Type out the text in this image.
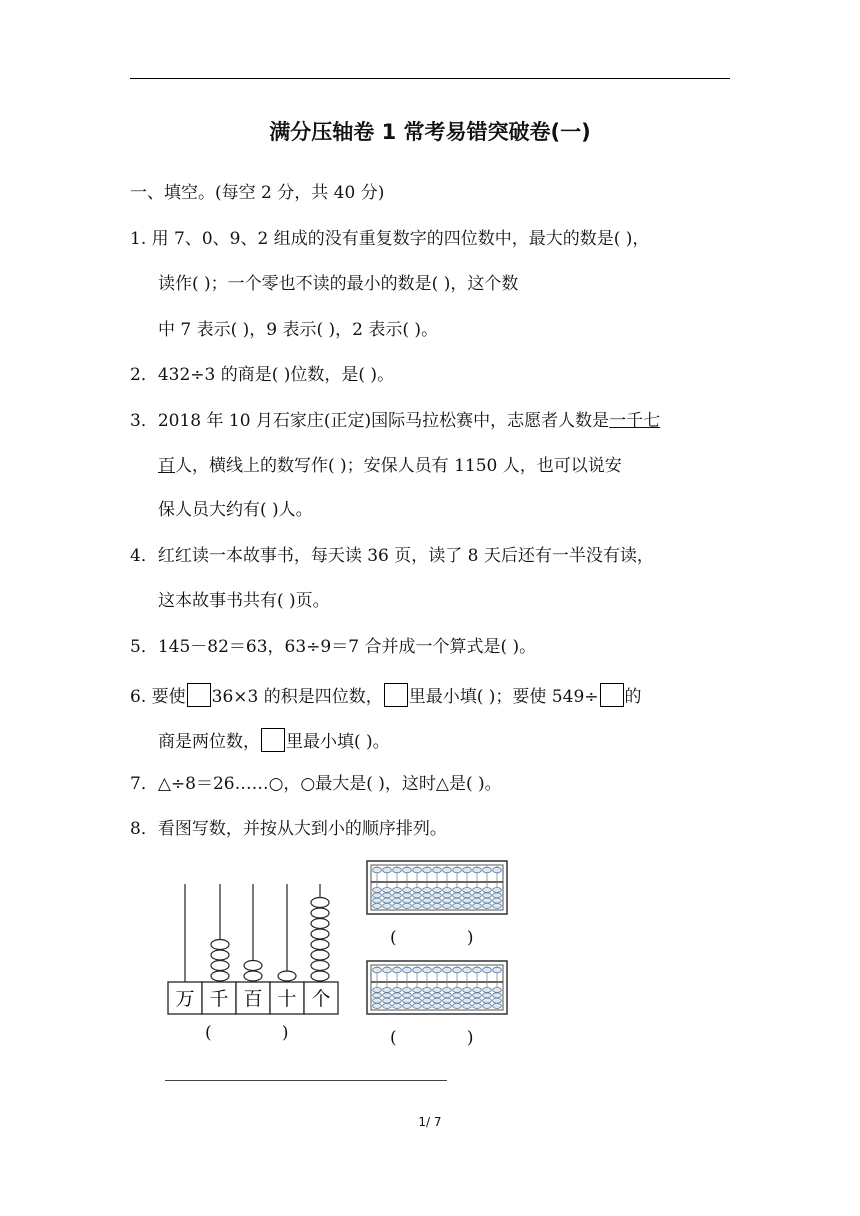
满分压轴卷 1 常考易错突破卷(一)
一、填空。(每空 2 分，共 40 分)
1. 用 7、0、9、2 组成的没有重复数字的四位数中，最大的数是( )，
读作( )；一个零也不读的最小的数是( )，这个数
中 7 表示( )，9 表示( )，2 表示( )。
2．432÷3 的商是( )位数，是( )。
3．2018 年 10 月石家庄(正定)国际马拉松赛中，志愿者人数是一千七
百人，横线上的数写作( )；安保人员有 1150 人，也可以说安
保人员大约有( )人。
4．红红读一本故事书，每天读 36 页，读了 8 天后还有一半没有读，
这本故事书共有( )页。
5．145－82＝63，63÷9＝7 合并成一个算式是( )。
6. 要使 36×3 的积是四位数， 里最小填( )；要使 549÷ 的
商是两位数， 里最小填( )。
7．△÷8＝26……○，○最大是( )，这时△是( )。
8．看图写数，并按从大到小的顺序排列。
万 千 百 十 个
(             )
(             )
(             )
1/ 7
